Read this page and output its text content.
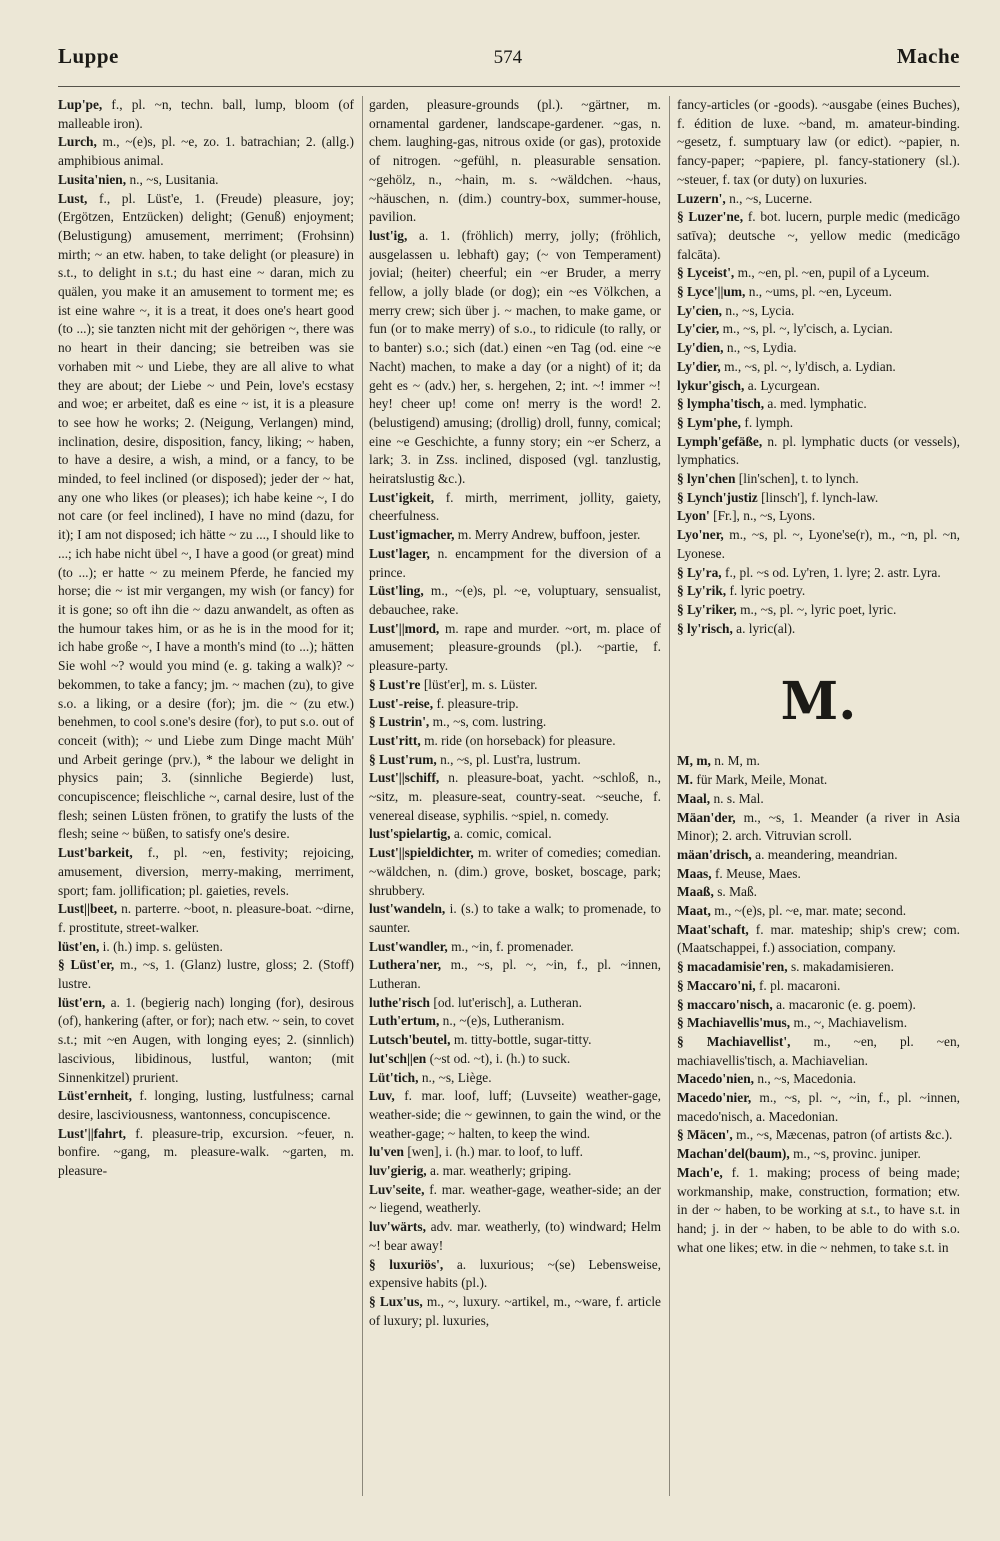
Luppe	574	Mache

Lup'pe, f., pl. ~n, techn. ball, lump, bloom (of malleable iron).

Lurch, m., ~(e)s, pl. ~e, zo. 1. batrachian; 2. (allg.) amphibious animal.

Lusita'nien, n., ~s, Lusitania.

Lust, f., pl. Lüst'e, 1. (Freude) pleasure, joy; (Ergötzen, Entzücken) delight; (Genuß) enjoyment; (Belustigung) amusement, merriment; (Frohsinn) mirth; ~ an etw. haben, to take delight (or pleasure) in s.t., to delight in s.t.; du hast eine ~ daran, mich zu quälen, you make it an amusement to torment me; es ist eine wahre ~, it is a treat, it does one's heart good (to ...); sie tanzten nicht mit der gehörigen ~, there was no heart in their dancing; sie betreiben was sie vorhaben mit ~ und Liebe, they are all alive to what they are about; der Liebe ~ und Pein, love's ecstasy and woe; er arbeitet, daß es eine ~ ist, it is a pleasure to see how he works; 2. (Neigung, Verlangen) mind, inclination, desire, disposition, fancy, liking; ~ haben, to have a desire, a wish, a mind, or a fancy, to be minded, to feel inclined (or disposed); jeder der ~ hat, any one who likes (or pleases); ich habe keine ~, I do not care (or feel inclined), I have no mind (dazu, for it); I am not disposed; ich hätte ~ zu ..., I should like to ...; ich habe nicht übel ~, I have a good (or great) mind (to ...); er hatte ~ zu meinem Pferde, he fancied my horse; die ~ ist mir vergangen, my wish (or fancy) for it is gone; so oft ihn die ~ dazu anwandelt, as often as the humour takes him, or as he is in the mood for it; ich habe große ~, I have a month's mind (to ...); hätten Sie wohl ~? would you mind (e. g. taking a walk)? ~ bekommen, to take a fancy; jm. ~ machen (zu), to give s.o. a liking, or a desire (for); jm. die ~ (zu etw.) benehmen, to cool s.one's desire (for), to put s.o. out of conceit (with); ~ und Liebe zum Dinge macht Müh' und Arbeit geringe (prv.), * the labour we delight in physics pain; 3. (sinnliche Begierde) lust, concupiscence; fleischliche ~, carnal desire, lust of the flesh; seinen Lüsten frönen, to gratify the lusts of the flesh; seine ~ büßen, to satisfy one's desire.

Lust'barkeit, f., pl. ~en, festivity; rejoicing, amusement, diversion, merry-making, merriment, sport; fam. jollification; pl. gaieties, revels.

Lust||beet, n. parterre. ~boot, n. pleasure-boat. ~dirne, f. prostitute, street-walker.

lüst'en, i. (h.) imp. s. gelüsten.

§ Lüst'er, m., ~s, 1. (Glanz) lustre, gloss; 2. (Stoff) lustre.

lüst'ern, a. 1. (begierig nach) longing (for), desirous (of), hankering (after, or for); nach etw. ~ sein, to covet s.t.; mit ~en Augen, with longing eyes; 2. (sinnlich) lascivious, libidinous, lustful, wanton; (mit Sinnenkitzel) prurient.

Lüst'ernheit, f. longing, lusting, lustfulness; carnal desire, lasciviousness, wantonness, concupiscence.

Lust'||fahrt, f. pleasure-trip, excursion. ~feuer, n. bonfire. ~gang, m. pleasure-walk. ~garten, m. pleasure-

garden, pleasure-grounds (pl.). ~gärtner, m. ornamental gardener, landscape-gardener. ~gas, n. chem. laughing-gas, nitrous oxide (or gas), protoxide of nitrogen. ~gefühl, n. pleasurable sensation. ~gehölz, n., ~hain, m. s. ~wäldchen. ~haus, ~häuschen, n. (dim.) country-box, summer-house, pavilion.

lust'ig, a. 1. (fröhlich) merry, jolly; (fröhlich, ausgelassen u. lebhaft) gay; (~ von Temperament) jovial; (heiter) cheerful; ein ~er Bruder, a merry fellow, a jolly blade (or dog); ein ~es Völkchen, a merry crew; sich über j. ~ machen, to make game, or fun (or to make merry) of s.o., to ridicule (to rally, or to banter) s.o.; sich (dat.) einen ~en Tag (od. eine ~e Nacht) machen, to make a day (or a night) of it; da geht es ~ (adv.) her, s. hergehen, 2; int. ~! immer ~! hey! cheer up! come on! merry is the word! 2. (belustigend) amusing; (drollig) droll, funny, comical; eine ~e Geschichte, a funny story; ein ~er Scherz, a lark; 3. in Zss. inclined, disposed (vgl. tanzlustig, heiratslustig &c.).

Lust'igkeit, f. mirth, merriment, jollity, gaiety, cheerfulness.

Lust'igmacher, m. Merry Andrew, buffoon, jester.

Lust'lager, n. encampment for the diversion of a prince.

Lüst'ling, m., ~(e)s, pl. ~e, voluptuary, sensualist, debauchee, rake.

Lust'||mord, m. rape and murder. ~ort, m. place of amusement; pleasure-grounds (pl.). ~partie, f. pleasure-party.

§ Lust're [lüst'er], m. s. Lüster.

Lust'-reise, f. pleasure-trip.

§ Lustrin', m., ~s, com. lustring.

Lust'ritt, m. ride (on horseback) for pleasure.

§ Lust'rum, n., ~s, pl. Lust'ra, lustrum.

Lust'||schiff, n. pleasure-boat, yacht. ~schloß, n., ~sitz, m. pleasure-seat, country-seat. ~seuche, f. venereal disease, syphilis. ~spiel, n. comedy.

lust'spielartig, a. comic, comical.

Lust'||spieldichter, m. writer of comedies; comedian. ~wäldchen, n. (dim.) grove, bosket, boscage, park; shrubbery.

lust'wandeln, i. (s.) to take a walk; to promenade, to saunter.

Lust'wandler, m., ~in, f. promenader.

Luthera'ner, m., ~s, pl. ~, ~in, f., pl. ~innen, Lutheran.

luthe'risch [od. lut'erisch], a. Lutheran.

Luth'ertum, n., ~(e)s, Lutheranism.

Lutsch'beutel, m. titty-bottle, sugar-titty.

lut'sch||en (~st od. ~t), i. (h.) to suck.

Lüt'tich, n., ~s, Liège.

Luv, f. mar. loof, luff; (Luvseite) weather-gage, weather-side; die ~ gewinnen, to gain the wind, or the weather-gage; ~ halten, to keep the wind.

lu'ven [wen], i. (h.) mar. to loof, to luff.

luv'gierig, a. mar. weatherly; griping.

Luv'seite, f. mar. weather-gage, weather-side; an der ~ liegend, weatherly.

luv'wärts, adv. mar. weatherly, (to) windward; Helm ~! bear away!

§ luxuriös', a. luxurious; ~(se) Lebensweise, expensive habits (pl.).

§ Lux'us, m., ~, luxury. ~artikel, m., ~ware, f. article of luxury; pl. luxuries,

fancy-articles (or -goods). ~ausgabe (eines Buches), f. édition de luxe. ~band, m. amateur-binding. ~gesetz, f. sumptuary law (or edict). ~papier, n. fancy-paper; ~papiere, pl. fancy-stationery (sl.). ~steuer, f. tax (or duty) on luxuries.

Luzern', n., ~s, Lucerne.

§ Luzer'ne, f. bot. lucern, purple medic (medicāgo satīva); deutsche ~, yellow medic (medicāgo falcāta).

§ Lyceist', m., ~en, pl. ~en, pupil of a Lyceum.

§ Lyce'||um, n., ~ums, pl. ~en, Lyceum.

Ly'cien, n., ~s, Lycia.

Ly'cier, m., ~s, pl. ~, ly'cisch, a. Lycian.

Ly'dien, n., ~s, Lydia.

Ly'dier, m., ~s, pl. ~, ly'disch, a. Lydian.

lykur'gisch, a. Lycurgean.

§ lympha'tisch, a. med. lymphatic.

§ Lym'phe, f. lymph.

Lymph'gefäße, n. pl. lymphatic ducts (or vessels), lymphatics.

§ lyn'chen [lin'schen], t. to lynch.

§ Lynch'justiz [linsch'], f. lynch-law.

Lyon' [Fr.], n., ~s, Lyons.

Lyo'ner, m., ~s, pl. ~, Lyone'se(r), m., ~n, pl. ~n, Lyonese.

§ Ly'ra, f., pl. ~s od. Ly'ren, 1. lyre; 2. astr. Lyra.

§ Ly'rik, f. lyric poetry.

§ Ly'riker, m., ~s, pl. ~, lyric poet, lyric.

§ ly'risch, a. lyric(al).

M.

M, m, n. M, m.

M. für Mark, Meile, Monat.

Maal, n. s. Mal.

Mäan'der, m., ~s, 1. Meander (a river in Asia Minor); 2. arch. Vitruvian scroll.

mäan'drisch, a. meandering, meandrian.

Maas, f. Meuse, Maes.

Maaß, s. Maß.

Maat, m., ~(e)s, pl. ~e, mar. mate; second.

Maat'schaft, f. mar. mateship; ship's crew; com. (Maatschappei, f.) association, company.

§ macadamisie'ren, s. makadamisieren.

§ Maccaro'ni, f. pl. macaroni.

§ maccaro'nisch, a. macaronic (e. g. poem).

§ Machiavellis'mus, m., ~, Machiavelism.

§ Machiavellist', m., ~en, pl. ~en, machiavellis'tisch, a. Machiavelian.

Macedo'nien, n., ~s, Macedonia.

Macedo'nier, m., ~s, pl. ~, ~in, f., pl. ~innen, macedo'nisch, a. Macedonian.

§ Mäcen', m., ~s, Mæcenas, patron (of artists &c.).

Machan'del(baum), m., ~s, provinc. juniper.

Mach'e, f. 1. making; process of being made; workmanship, make, construction, formation; etw. in der ~ haben, to be working at s.t., to have s.t. in hand; j. in der ~ haben, to be able to do with s.o. what one likes; etw. in die ~ nehmen, to take s.t. in
